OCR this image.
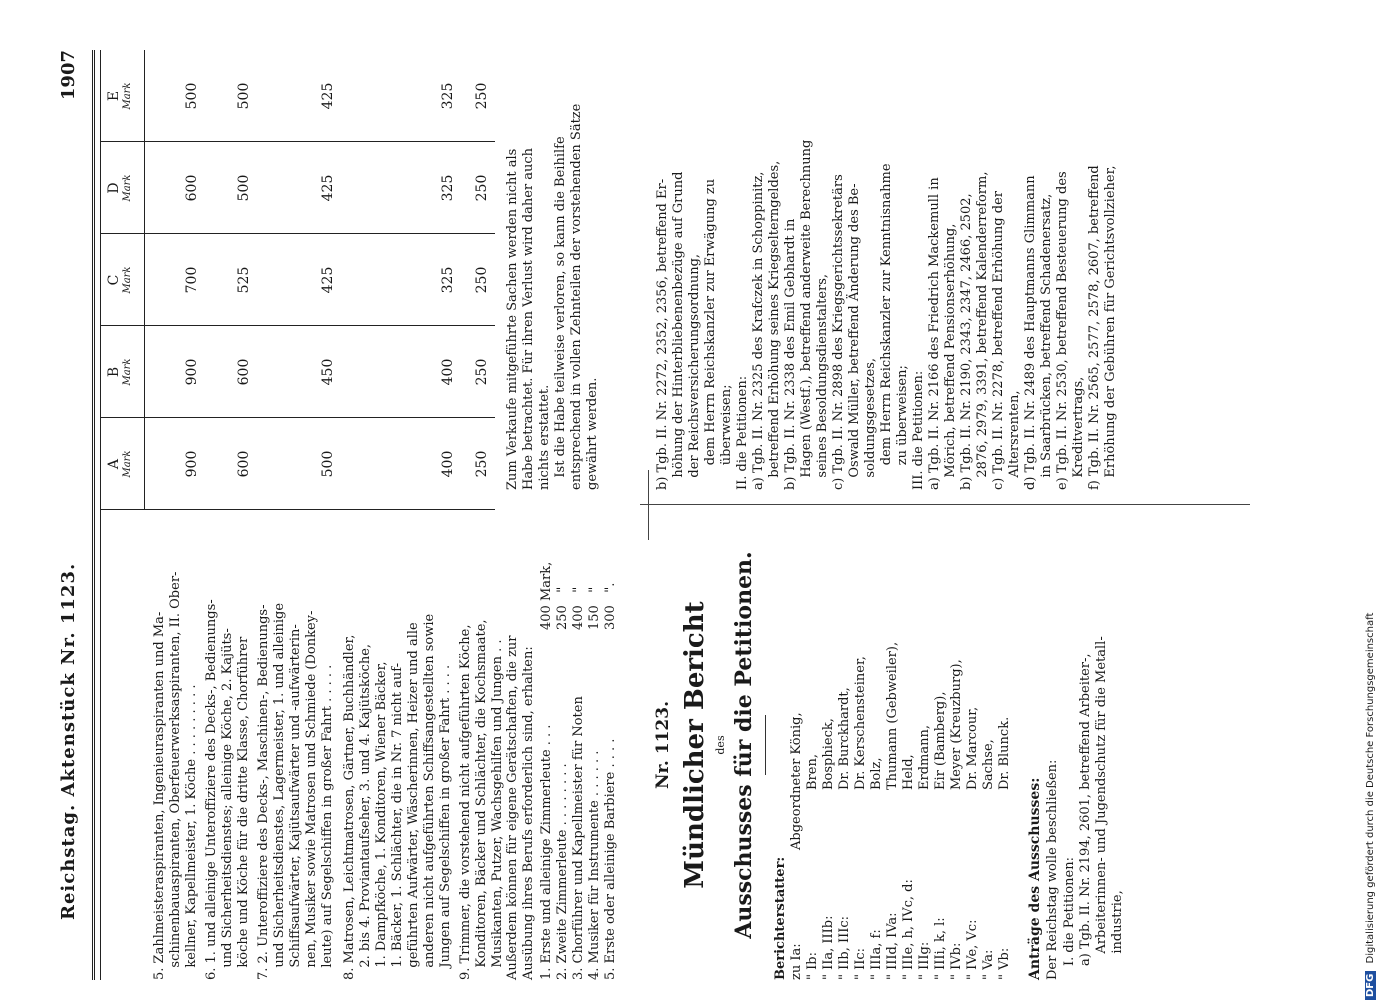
Reichstag. Aktenstück Nr. 1123.
1907
A Mark
B Mark
C Mark
D Mark
E Mark
5. Zahlmeisteraspiranten, Ingenieuraspiranten und Ma-
schinenbauaspiranten, Oberfeuerwerksaspiranten, II. Ober-
kellner, Kapellmeister, 1. Köche . . . . . . . . .
900
900
700
600
500
6. 1. und alleinige Unteroffiziere des Decks-, Bedienungs-
und Sicherheitsdienstes; alleinige Köche, 2. Kajüts-
köche und Köche für die dritte Klasse, Chorführer
600
600
525
500
500
7. 2. Unteroffiziere des Decks-, Maschinen-, Bedienungs-
und Sicherheitsdienstes, Lagermeister, 1. und alleinige
Schiffsaufwärter, Kajütsaufwärter und -aufwärterin-
nen, Musiker sowie Matrosen und Schmiede (Donkey-
leute) auf Segelschiffen in großer Fahrt . . . . .
500
450
425
425
425
8. Matrosen, Leichtmatrosen, Gärtner, Buchhändler,
2. bis 4. Proviantaufseher, 3. und 4. Kajütsköche,
1. Dampfköche, 1. Konditoren, Wiener Bäcker,
1. Bäcker, 1. Schlächter, die in Nr. 7 nicht auf-
geführten Aufwärter, Wäscherinnen, Heizer und alle
anderen nicht aufgeführten Schiffsangestellten sowie
Jungen auf Segelschiffen in großer Fahrt . . . .
400
400
325
325
325
9. Trimmer, die vorstehend nicht aufgeführten Köche,
Konditoren, Bäcker und Schlächter, die Kochsmaate,
Musikanten, Putzer, Wachsgehilfen und Jungen . .
250
250
250
250
250
Außerdem können für eigene Gerätschaften, die zur
Ausübung ihres Berufs erforderlich sind, erhalten:
1. Erste und alleinige Zimmerleute . . .
400 Mark,
2. Zweite Zimmerleute . . . . . . . .
250   "
3. Chorführer und Kapellmeister für Noten
400   "
4. Musiker für Instrumente . . . . . .
150   "
5. Erste oder alleinige Barbiere . . . .
300   ".
Zum Verkaufe mitgeführte Sachen werden nicht als
Habe betrachtet. Für ihren Verlust wird daher auch
nichts erstattet.
Ist die Habe teilweise verloren, so kann die Beihilfe
entsprechend in vollen Zehnteilen der vorstehenden Sätze
gewährt werden.
Nr. 1123. Mündlicher Bericht des Ausschusses für die Petitionen. Berichterstatter: zu Ia:
Abgeordneter König,
" Ib:
Bren,
" IIa, IIIb:
Bosphieck,
" IIb, IIIc:
Dr. Burckhardt,
" IIc:
Dr. Kerschensteiner,
" IIIa, f:
Bolz,
" IIId, IVa:
Thumann (Gebweiler),
" IIIe, h, IVc, d:
Held,
" IIIg:
Erdmann,
" IIIi, k, l:
Eir (Bamberg),
" IVb:
Meyer (Kreuzburg),
" IVe, Vc:
Dr. Marcour,
" Va:
Sachse,
" Vb:
Dr. Blunck.
Anträge des Ausschusses: Der Reichstag wolle beschließen: I. die Petitionen: a) Tgb. II. Nr. 2194, 2601, betreffend Arbeiter-,
Arbeiterinnen- und Jugendschutz für die Metall-
industrie,
b) Tgb. II. Nr. 2272, 2352, 2356, betreffend Er-
höhung der Hinterbliebenenbezüge auf Grund
der Reichsversicherungsordnung,
dem Herrn Reichskanzler zur Erwägung zu
überweisen;
II. die Petitionen:
a) Tgb. II. Nr. 2325 des Krafczek in Schoppinitz,
betreffend Erhöhung seines Kriegselterngeldes,
b) Tgb. II. Nr. 2338 des Emil Gebhardt in
Hagen (Westf.), betreffend anderweite Berechnung
seines Besoldungsdienstalters,
c) Tgb. II. Nr. 2898 des Kriegsgerichtssekretärs
Oswald Müller, betreffend Änderung des Be-
soldungsgesetzes,
dem Herrn Reichskanzler zur Kenntnisnahme
zu überweisen;
III. die Petitionen:
a) Tgb. II. Nr. 2166 des Friedrich Mackemull in
Mörich, betreffend Pensionserhöhung,
b) Tgb. II. Nr. 2190, 2343, 2347, 2466, 2502,
2876, 2979, 3391, betreffend Kalenderreform,
c) Tgb. II. Nr. 2278, betreffend Erhöhung der
Altersrenten,
d) Tgb. II. Nr. 2489 des Hauptmanns Glimmann
in Saarbrücken, betreffend Schadenersatz,
e) Tgb. II. Nr. 2530, betreffend Besteuerung des
Kreditvertrags,
f) Tgb. II. Nr. 2565, 2577, 2578, 2607, betreffend
Erhöhung der Gebühren für Gerichtsvollzieher,
DFG Digitalisierung gefördert durch die Deutsche Forschungsgemeinschaft
